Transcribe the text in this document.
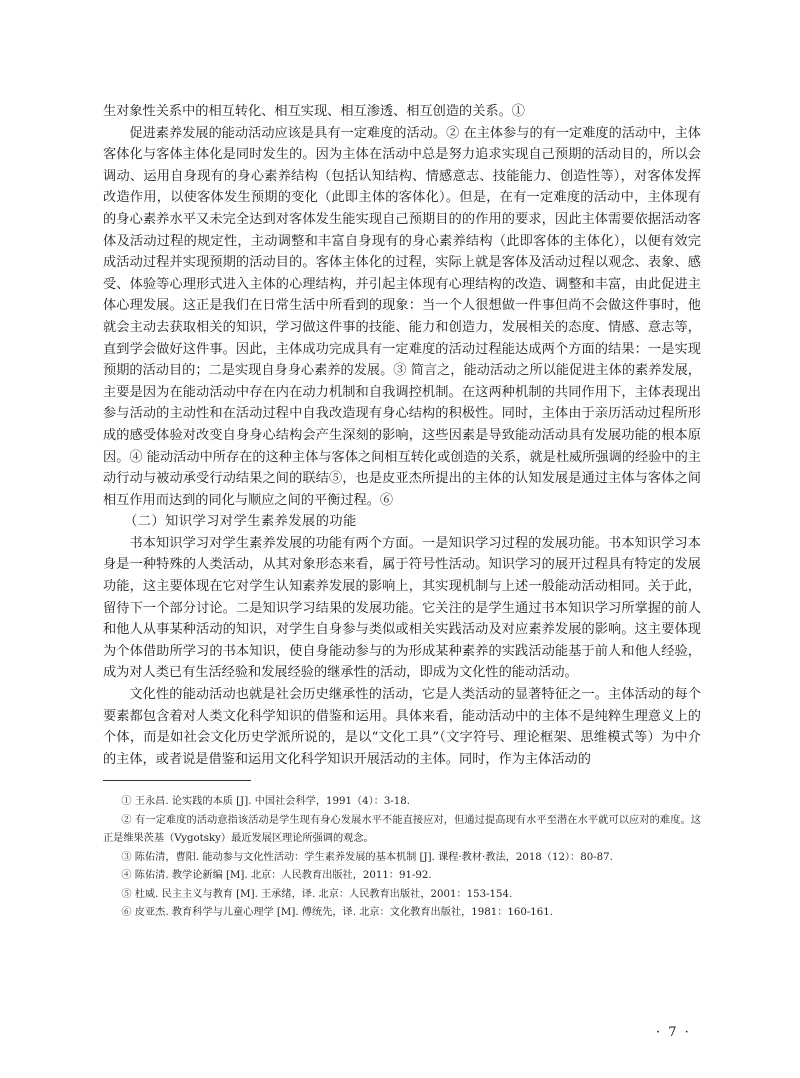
生对象性关系中的相互转化、相互实现、相互渗透、相互创造的关系。①

促进素养发展的能动活动应该是具有一定难度的活动。② 在主体参与的有一定难度的活动中，主体客体化与客体主体化是同时发生的。因为主体在活动中总是努力追求实现自己预期的活动目的，所以会调动、运用自身现有的身心素养结构（包括认知结构、情感意志、技能能力、创造性等），对客体发挥改造作用，以使客体发生预期的变化（此即主体的客体化）。但是，在有一定难度的活动中，主体现有的身心素养水平又未完全达到对客体发生能实现自己预期目的的作用的要求，因此主体需要依据活动客体及活动过程的规定性，主动调整和丰富自身现有的身心素养结构（此即客体的主体化），以便有效完成活动过程并实现预期的活动目的。客体主体化的过程，实际上就是客体及活动过程以观念、表象、感受、体验等心理形式进入主体的心理结构，并引起主体现有心理结构的改造、调整和丰富，由此促进主体心理发展。这正是我们在日常生活中所看到的现象：当一个人很想做一件事但尚不会做这件事时，他就会主动去获取相关的知识，学习做这件事的技能、能力和创造力，发展相关的态度、情感、意志等，直到学会做好这件事。因此，主体成功完成具有一定难度的活动过程能达成两个方面的结果：一是实现预期的活动目的；二是实现自身身心素养的发展。③ 简言之，能动活动之所以能促进主体的素养发展，主要是因为在能动活动中存在内在动力机制和自我调控机制。在这两种机制的共同作用下，主体表现出参与活动的主动性和在活动过程中自我改造现有身心结构的积极性。同时，主体由于亲历活动过程所形成的感受体验对改变自身身心结构会产生深刻的影响，这些因素是导致能动活动具有发展功能的根本原因。④ 能动活动中所存在的这种主体与客体之间相互转化或创造的关系，就是杜威所强调的经验中的主动行动与被动承受行动结果之间的联结⑤，也是皮亚杰所提出的主体的认知发展是通过主体与客体之间相互作用而达到的同化与顺应之间的平衡过程。⑥

（二）知识学习对学生素养发展的功能

书本知识学习对学生素养发展的功能有两个方面。一是知识学习过程的发展功能。书本知识学习本身是一种特殊的人类活动，从其对象形态来看，属于符号性活动。知识学习的展开过程具有特定的发展功能，这主要体现在它对学生认知素养发展的影响上，其实现机制与上述一般能动活动相同。关于此，留待下一个部分讨论。二是知识学习结果的发展功能。它关注的是学生通过书本知识学习所掌握的前人和他人从事某种活动的知识，对学生自身参与类似或相关实践活动及对应素养发展的影响。这主要体现为个体借助所学习的书本知识，使自身能动参与的为形成某种素养的实践活动能基于前人和他人经验，成为对人类已有生活经验和发展经验的继承性的活动，即成为文化性的能动活动。

文化性的能动活动也就是社会历史继承性的活动，它是人类活动的显著特征之一。主体活动的每个要素都包含着对人类文化科学知识的借鉴和运用。具体来看，能动活动中的主体不是纯粹生理意义上的个体，而是如社会文化历史学派所说的，是以“文化工具”（文字符号、理论框架、思维模式等）为中介的主体，或者说是借鉴和运用文化科学知识开展活动的主体。同时，作为主体活动的

① 王永昌. 论实践的本质 [J]. 中国社会科学，1991（4）：3-18.

② 有一定难度的活动意指该活动是学生现有身心发展水平不能直接应对，但通过提高现有水平至潜在水平就可以应对的难度。这正是维果茨基（Vygotsky）最近发展区理论所强调的观念。

③ 陈佑清，曹阳. 能动参与文化性活动：学生素养发展的基本机制 [J]. 课程·教材·教法，2018（12）：80-87.

④ 陈佑清. 教学论新编 [M]. 北京：人民教育出版社，2011：91-92.

⑤ 杜威. 民主主义与教育 [M]. 王承绪，译. 北京：人民教育出版社，2001：153-154.

⑥ 皮亚杰. 教育科学与儿童心理学 [M]. 傅统先，译. 北京：文化教育出版社，1981：160-161.

· 7 ·
